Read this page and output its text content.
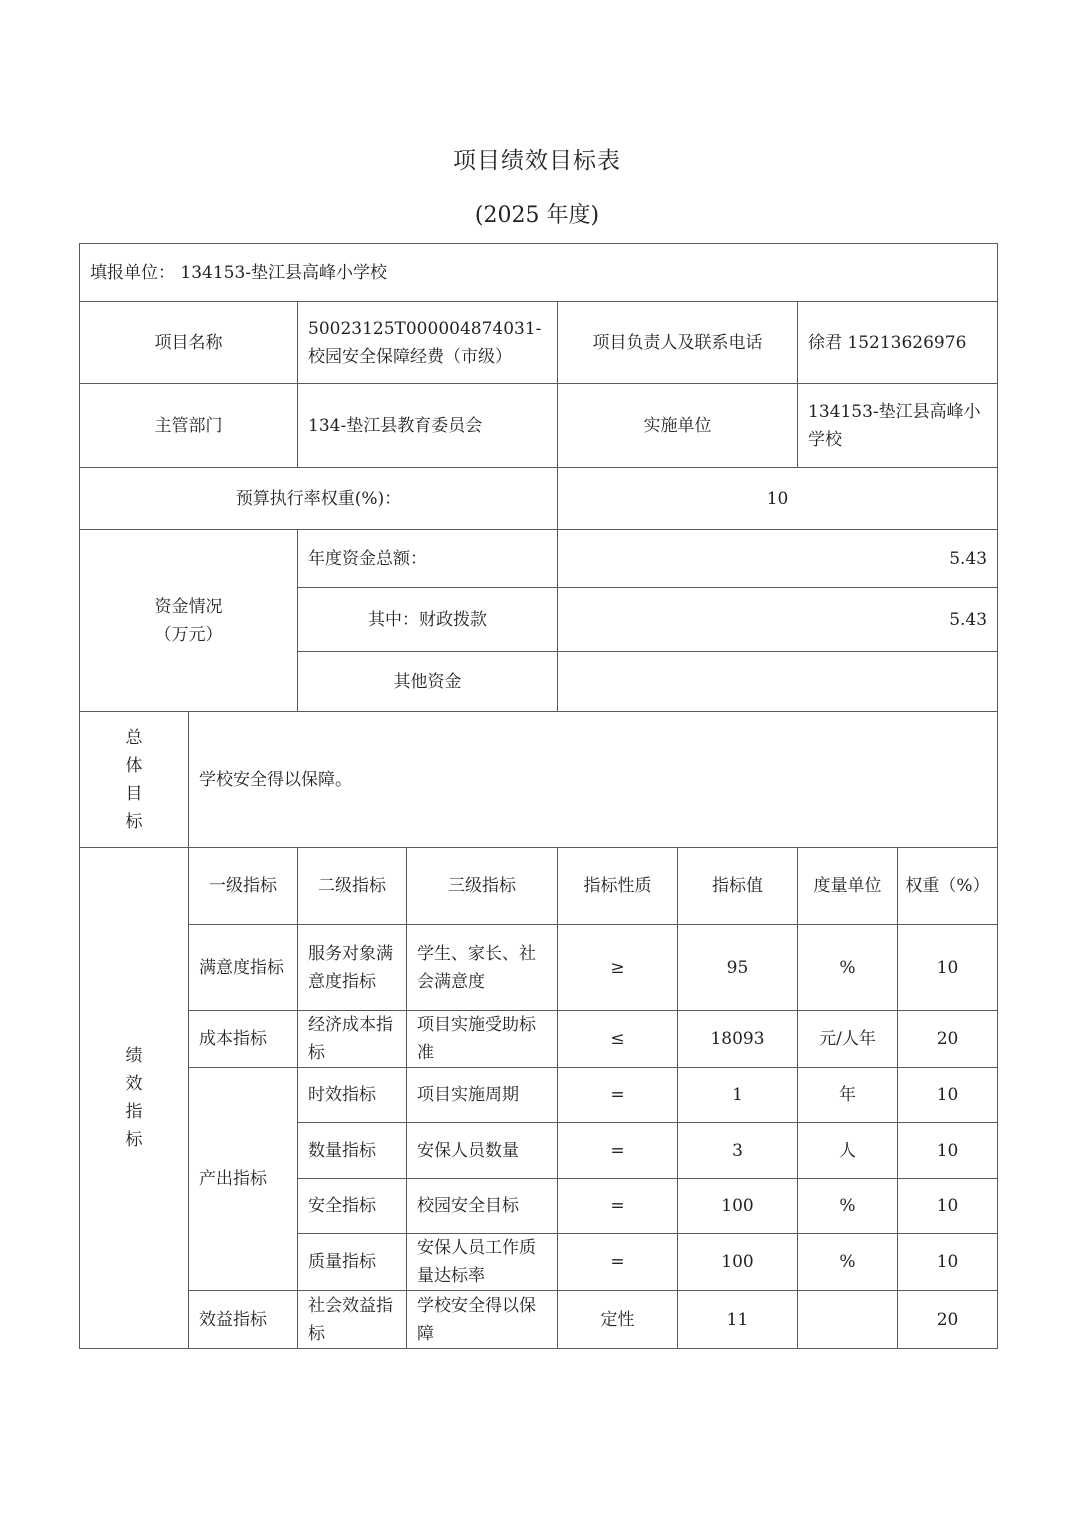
项目绩效目标表
(2025 年度)
填报单位： 134153-垫江县高峰小学校							
项目名称		50023125T000004874031-校园安全保障经费（市级）		项目负责人及联系电话		徐君 15213626976	
主管部门		134-垫江县教育委员会		实施单位		134153-垫江县高峰小学校	
预算执行率权重(%)：				10			

资金情况
（万元）		年度资金总额：		5.43			
		其中：财政拨款		5.43			
		其他资金					

总
体
目
标	学校安全得以保障。						

绩
效
指
标	一级指标	二级指标	三级指标	指标性质	指标值	度量单位	权重（%）
	满意度指标	服务对象满意度指标	学生、家长、社会满意度	≥	95	%	10
	成本指标	经济成本指标	项目实施受助标准	≤	18093	元/人年	20
	产出指标	时效指标	项目实施周期	=	1	年	10
		数量指标	安保人员数量	=	3	人	10
		安全指标	校园安全目标	=	100	%	10
		质量指标	安保人员工作质量达标率	=	100	%	10
	效益指标	社会效益指标	学校安全得以保障	定性	11		20
